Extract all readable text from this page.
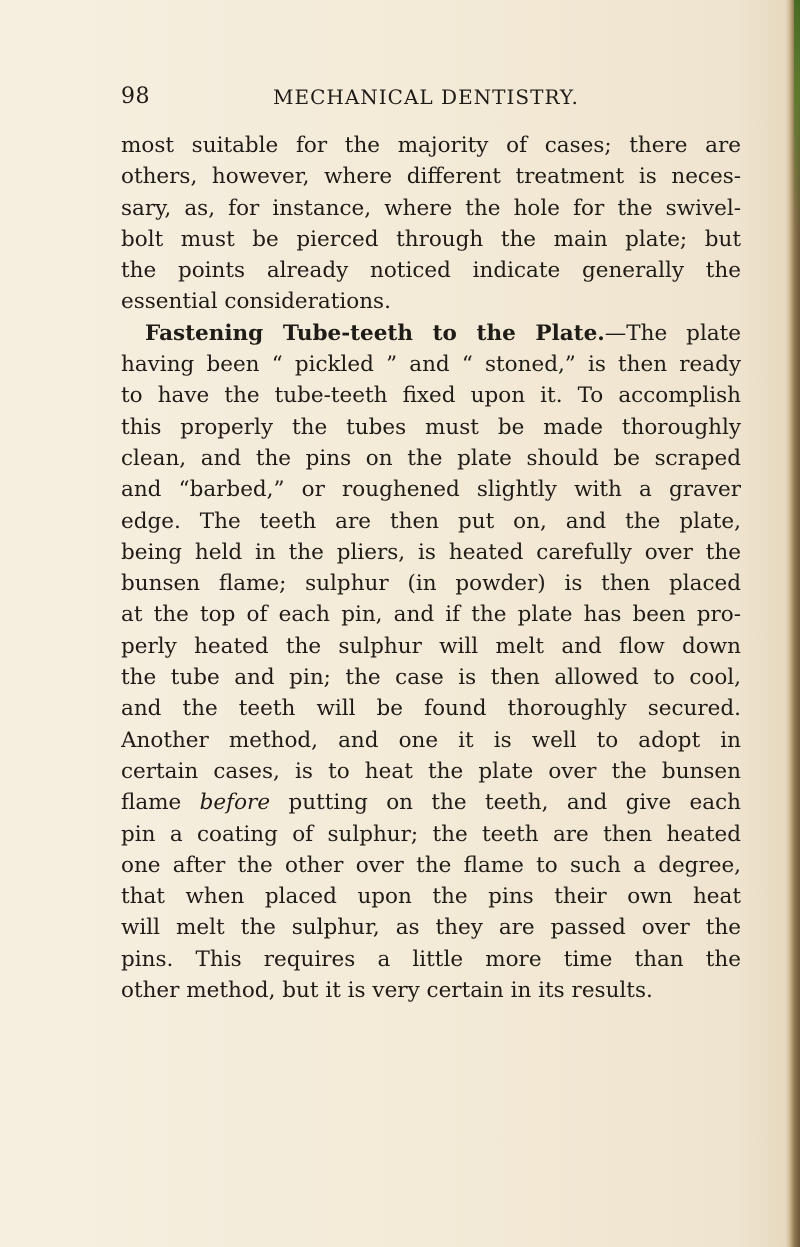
98	MECHANICAL DENTISTRY.
most suitable for the majority of cases; there are
others, however, where different treatment is neces-
sary, as, for instance, where the hole for the swivel-
bolt must be pierced through the main plate; but
the points already noticed indicate generally the
essential considerations.
Fastening Tube-teeth to the Plate.—The plate
having been “ pickled ” and “ stoned,” is then ready
to have the tube-teeth fixed upon it. To accomplish
this properly the tubes must be made thoroughly
clean, and the pins on the plate should be scraped
and “barbed,” or roughened slightly with a graver
edge. The teeth are then put on, and the plate,
being held in the pliers, is heated carefully over the
bunsen flame; sulphur (in powder) is then placed
at the top of each pin, and if the plate has been pro-
perly heated the sulphur will melt and flow down
the tube and pin; the case is then allowed to cool,
and the teeth will be found thoroughly secured.
Another method, and one it is well to adopt in
certain cases, is to heat the plate over the bunsen
flame before putting on the teeth, and give each
pin a coating of sulphur; the teeth are then heated
one after the other over the flame to such a degree,
that when placed upon the pins their own heat
will melt the sulphur, as they are passed over the
pins. This requires a little more time than the
other method, but it is very certain in its results.
